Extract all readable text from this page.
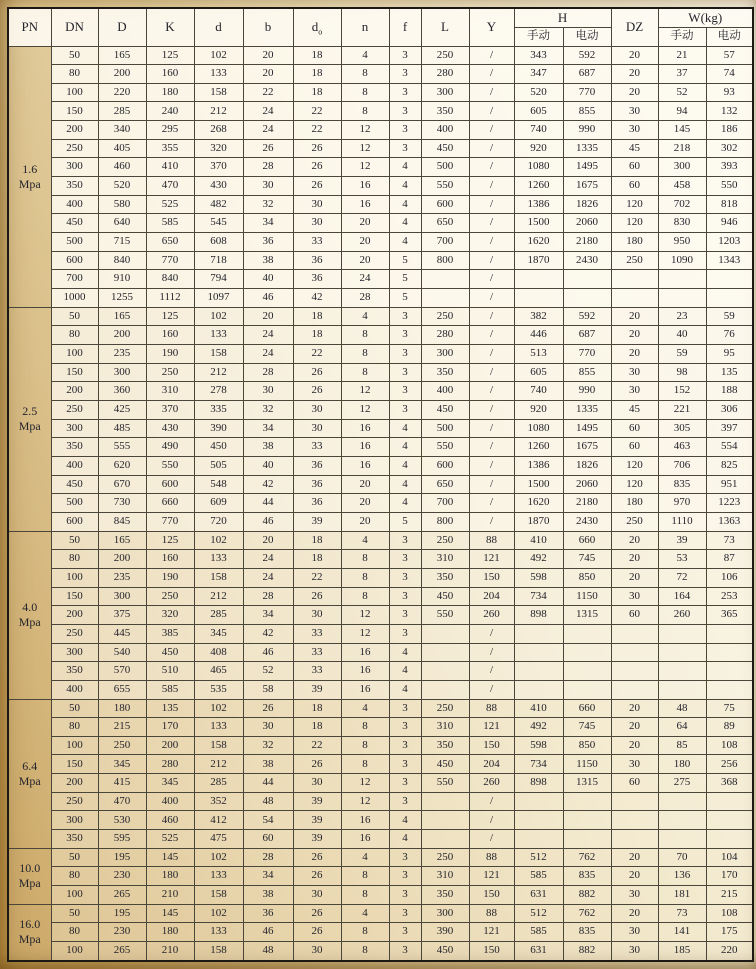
PN	DN	D	K	d	b	$d_o$	n	f	L	Y	H		DZ	W(kg)	
											手动	电动		手动	电动

1.6
Mpa	50	165	125	102	20	18	4	3	250	/	343	592	20	21	57
	80	200	160	133	20	18	8	3	280	/	347	687	20	37	74
	100	220	180	158	22	18	8	3	300	/	520	770	20	52	93
	150	285	240	212	24	22	8	3	350	/	605	855	30	94	132
	200	340	295	268	24	22	12	3	400	/	740	990	30	145	186
	250	405	355	320	26	26	12	3	450	/	920	1335	45	218	302
	300	460	410	370	28	26	12	4	500	/	1080	1495	60	300	393
	350	520	470	430	30	26	16	4	550	/	1260	1675	60	458	550
	400	580	525	482	32	30	16	4	600	/	1386	1826	120	702	818
	450	640	585	545	34	30	20	4	650	/	1500	2060	120	830	946
	500	715	650	608	36	33	20	4	700	/	1620	2180	180	950	1203
	600	840	770	718	38	36	20	5	800	/	1870	2430	250	1090	1343
	700	910	840	794	40	36	24	5		/					
	1000	1255	1112	1097	46	42	28	5		/					

2.5
Mpa	50	165	125	102	20	18	4	3	250	/	382	592	20	23	59
	80	200	160	133	24	18	8	3	280	/	446	687	20	40	76
	100	235	190	158	24	22	8	3	300	/	513	770	20	59	95
	150	300	250	212	28	26	8	3	350	/	605	855	30	98	135
	200	360	310	278	30	26	12	3	400	/	740	990	30	152	188
	250	425	370	335	32	30	12	3	450	/	920	1335	45	221	306
	300	485	430	390	34	30	16	4	500	/	1080	1495	60	305	397
	350	555	490	450	38	33	16	4	550	/	1260	1675	60	463	554
	400	620	550	505	40	36	16	4	600	/	1386	1826	120	706	825
	450	670	600	548	42	36	20	4	650	/	1500	2060	120	835	951
	500	730	660	609	44	36	20	4	700	/	1620	2180	180	970	1223
	600	845	770	720	46	39	20	5	800	/	1870	2430	250	1110	1363

4.0
Mpa	50	165	125	102	20	18	4	3	250	88	410	660	20	39	73
	80	200	160	133	24	18	8	3	310	121	492	745	20	53	87
	100	235	190	158	24	22	8	3	350	150	598	850	20	72	106
	150	300	250	212	28	26	8	3	450	204	734	1150	30	164	253
	200	375	320	285	34	30	12	3	550	260	898	1315	60	260	365
	250	445	385	345	42	33	12	3		/					
	300	540	450	408	46	33	16	4		/					
	350	570	510	465	52	33	16	4		/					
	400	655	585	535	58	39	16	4		/					

6.4
Mpa	50	180	135	102	26	18	4	3	250	88	410	660	20	48	75
	80	215	170	133	30	18	8	3	310	121	492	745	20	64	89
	100	250	200	158	32	22	8	3	350	150	598	850	20	85	108
	150	345	280	212	38	26	8	3	450	204	734	1150	30	180	256
	200	415	345	285	44	30	12	3	550	260	898	1315	60	275	368
	250	470	400	352	48	39	12	3		/					
	300	530	460	412	54	39	16	4		/					
	350	595	525	475	60	39	16	4		/					

10.0
Mpa	50	195	145	102	28	26	4	3	250	88	512	762	20	70	104
	80	230	180	133	34	26	8	3	310	121	585	835	20	136	170
	100	265	210	158	38	30	8	3	350	150	631	882	30	181	215

16.0
Mpa	50	195	145	102	36	26	4	3	300	88	512	762	20	73	108
	80	230	180	133	46	26	8	3	390	121	585	835	30	141	175
	100	265	210	158	48	30	8	3	450	150	631	882	30	185	220
